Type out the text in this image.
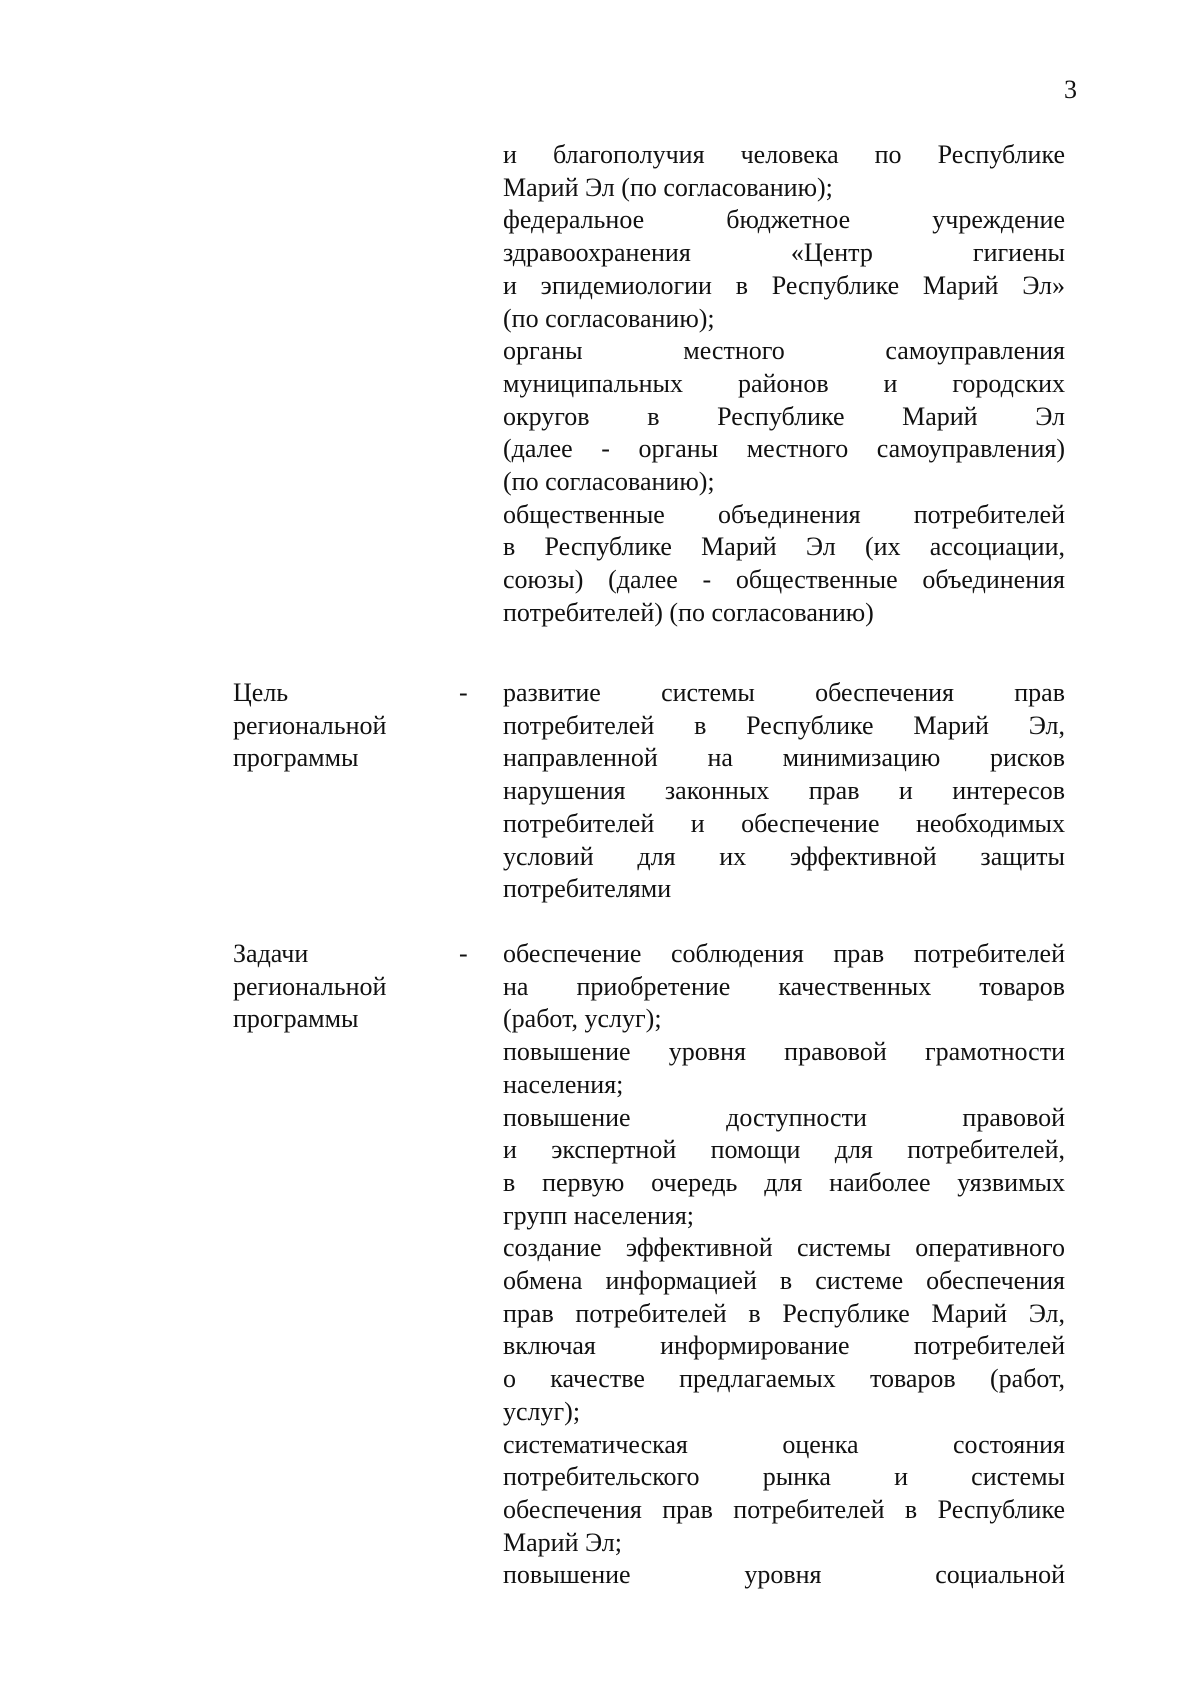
3

и благополучия человека по Республике

Марий Эл (по согласованию);

федеральное бюджетное учреждение

здравоохранения «Центр гигиены

и эпидемиологии в Республике Марий Эл»

(по согласованию);

органы местного самоуправления

муниципальных районов и городских

округов в Республике Марий Эл

(далее - органы местного самоуправления)

(по согласованию);

общественные объединения потребителей

в Республике Марий Эл (их ассоциации,

союзы) (далее - общественные объединения

потребителей) (по согласованию)

Цель
региональной
программы
- развитие системы обеспечения прав

потребителей в Республике Марий Эл,

направленной на минимизацию рисков

нарушения законных прав и интересов

потребителей и обеспечение необходимых

условий для их эффективной защиты

потребителями

Задачи
региональной
программы
- обеспечение соблюдения прав потребителей

на приобретение качественных товаров

(работ, услуг);

повышение уровня правовой грамотности

населения;

повышение доступности правовой

и экспертной помощи для потребителей,

в первую очередь для наиболее уязвимых

групп населения;

создание эффективной системы оперативного

обмена информацией в системе обеспечения

прав потребителей в Республике Марий Эл,

включая информирование потребителей

о качестве предлагаемых товаров (работ,

услуг);

систематическая оценка состояния

потребительского рынка и системы

обеспечения прав потребителей в Республике

Марий Эл;

повышение уровня социальной
